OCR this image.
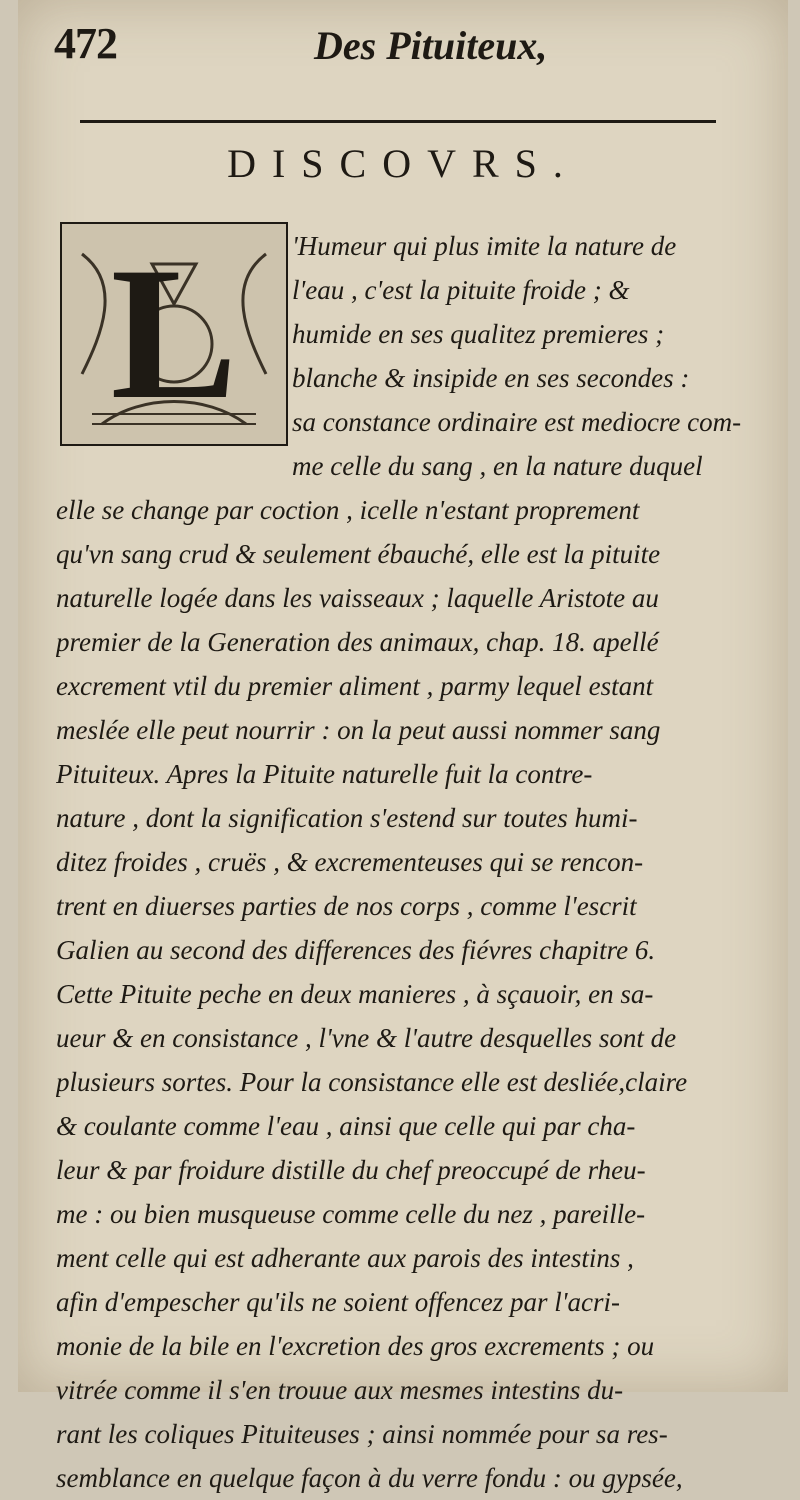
472	Des Pituiteux,
DISCOVRS.
L	'Humeur qui plus imite la nature de
l'eau , c'est la pituite froide ; &
humide en ses qualitez premieres ;
blanche & insipide en ses secondes :
sa constance ordinaire est mediocre com-
me celle du sang , en la nature duquel
elle se change par coction , icelle n'estant proprement
qu'vn sang crud & seulement ébauché, elle est la pituite
naturelle logée dans les vaisseaux ; laquelle Aristote au
premier de la Generation des animaux, chap. 18. apellé
excrement vtil du premier aliment , parmy lequel estant
meslée elle peut nourrir : on la peut aussi nommer sang
Pituiteux. Apres la Pituite naturelle fuit la contre-
nature , dont la signification s'estend sur toutes humi-
ditez froides , cruës , & excrementeuses qui se rencon-
trent en diuerses parties de nos corps , comme l'escrit
Galien au second des differences des fiévres chapitre 6.
Cette Pituite peche en deux manieres , à sçauoir, en sa-
ueur & en consistance , l'vne & l'autre desquelles sont de
plusieurs sortes. Pour la consistance elle est desliée,claire
& coulante comme l'eau , ainsi que celle qui par cha-
leur & par froidure distille du chef preoccupé de rheu-
me : ou bien musqueuse comme celle du nez , pareille-
ment celle qui est adherante aux parois des intestins ,
afin d'empescher qu'ils ne soient offencez par l'acri-
monie de la bile en l'excretion des gros excrements ; ou
vitrée comme il s'en trouue aux mesmes intestins du-
rant les coliques Pituiteuses ; ainsi nommée pour sa res-
semblance en quelque façon à du verre fondu : ou gypsée,
